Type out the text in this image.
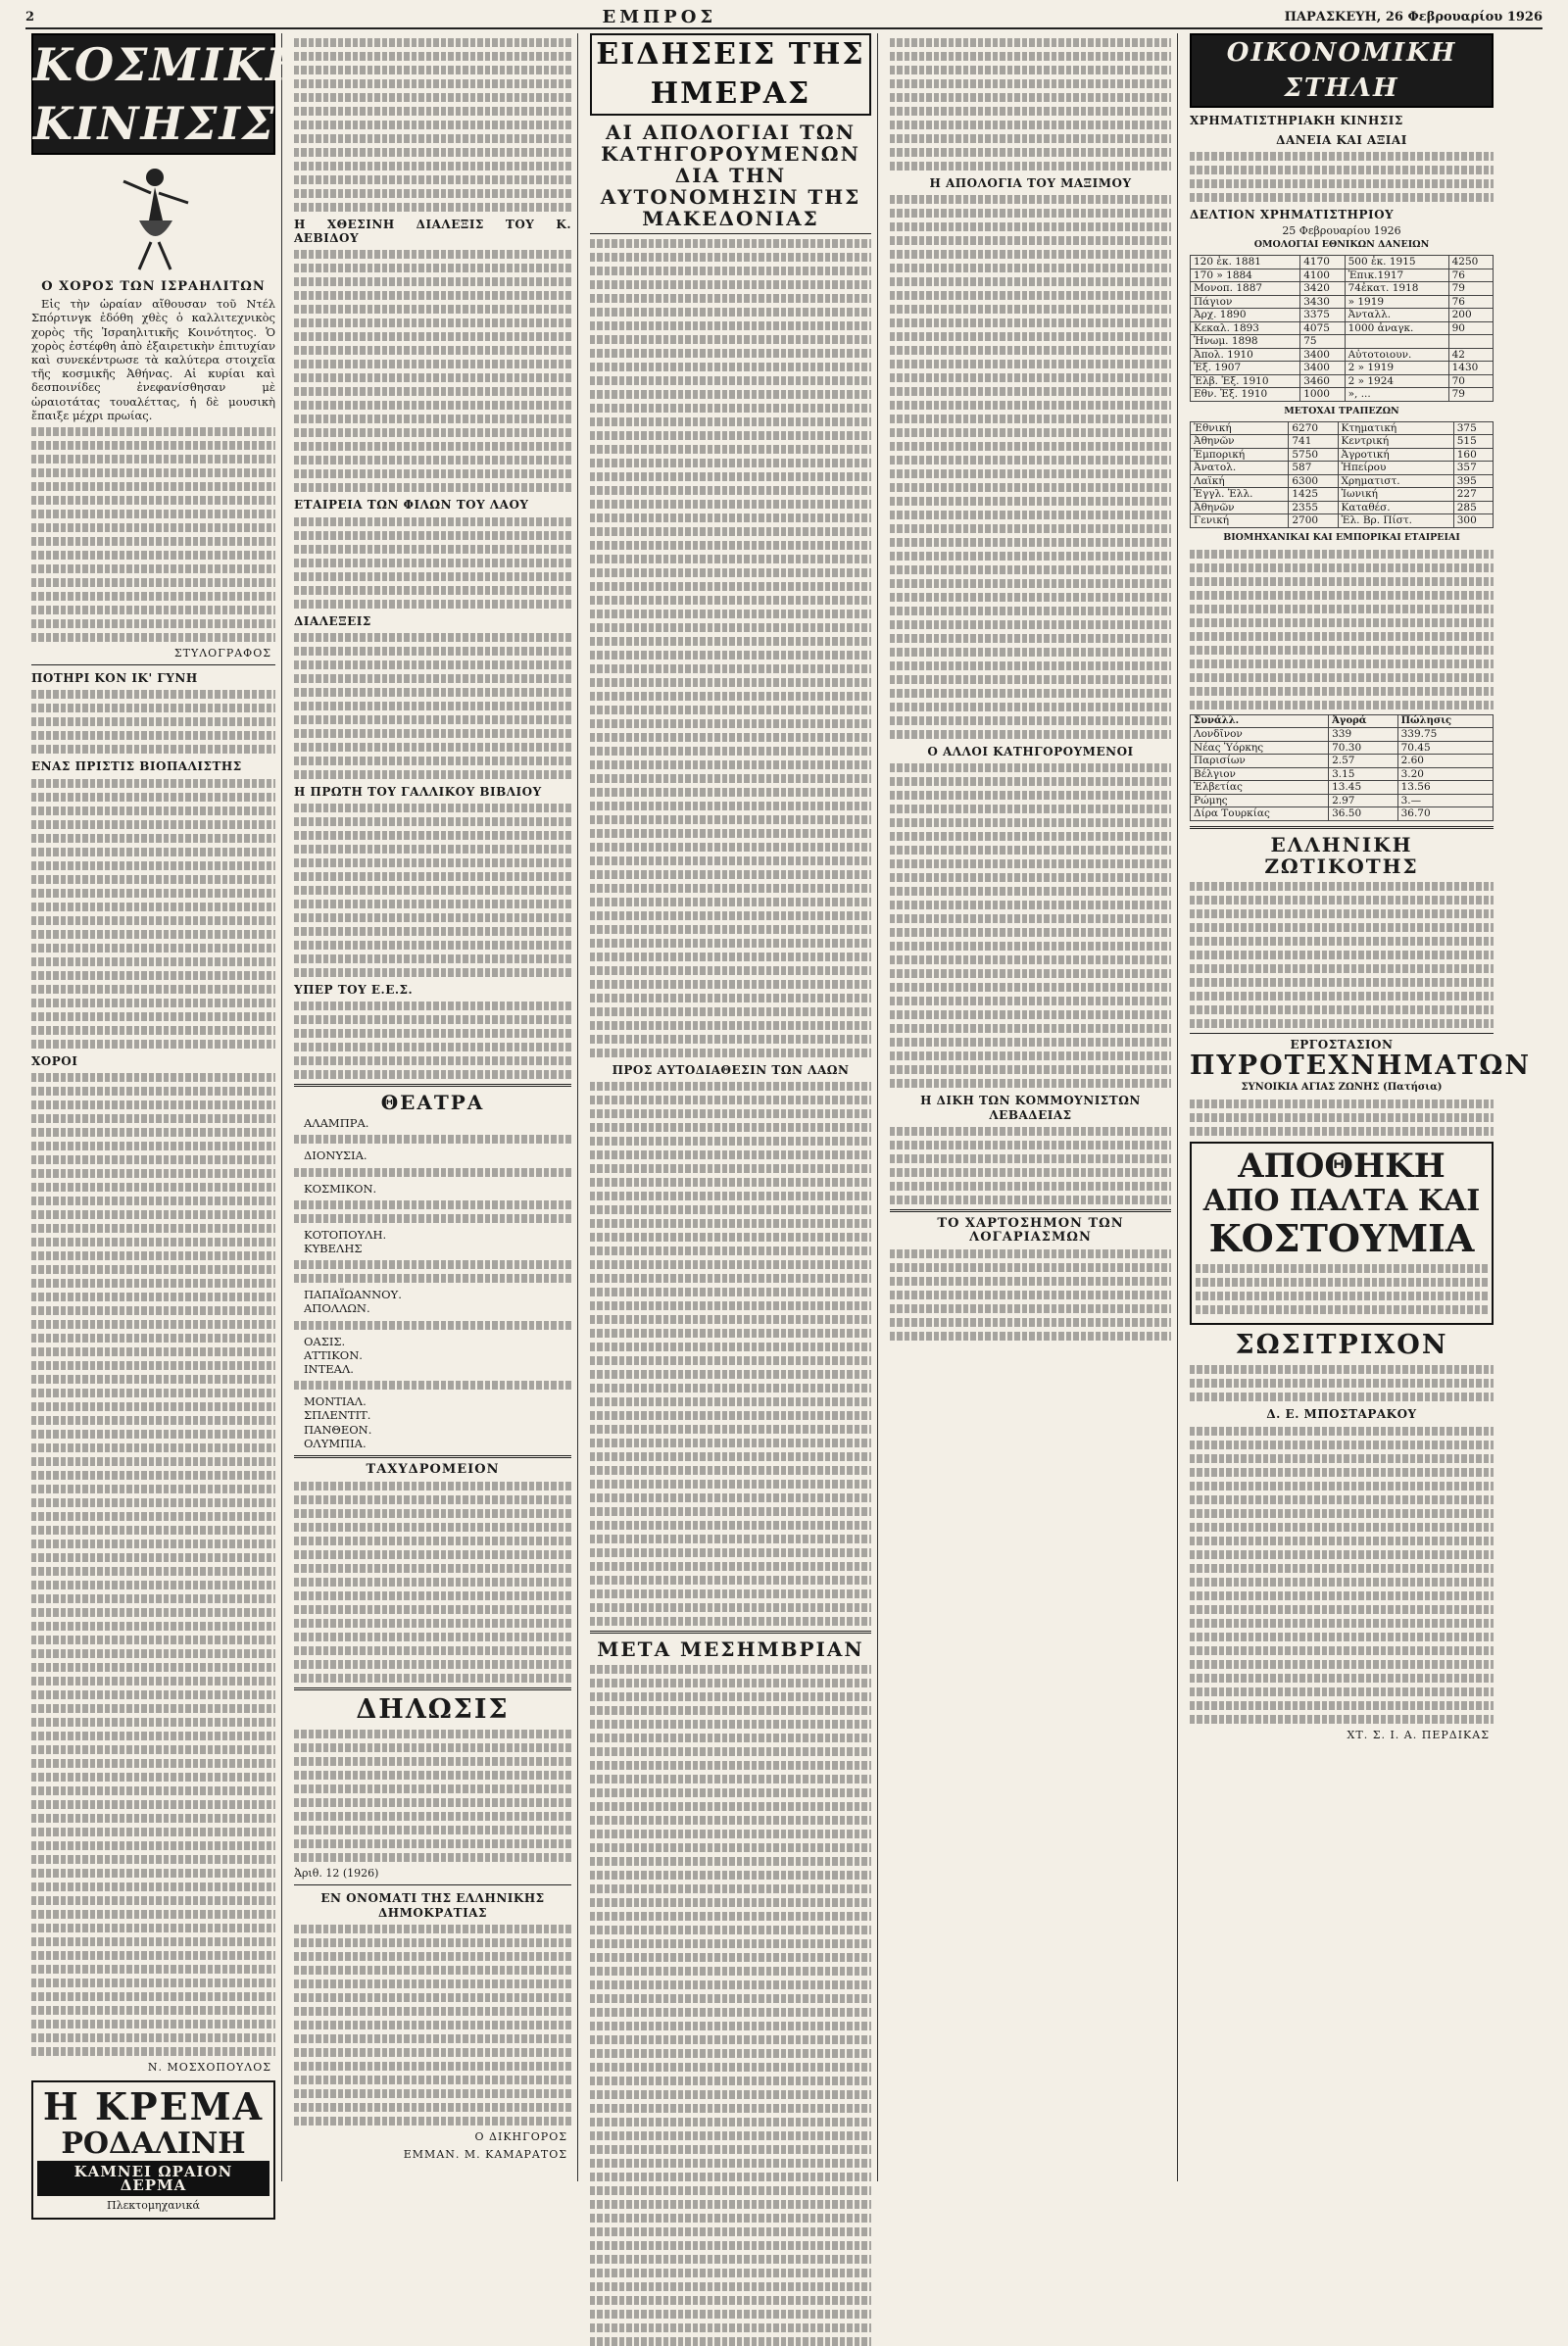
2	ΕΜΠΡΟΣ	ΠΑΡΑΣΚΕΥΗ, 26 Φεβρουαρίου 1926
ΚΟΣΜΙΚΗ ΚΙΝΗΣΙΣ
Ο ΧΟΡΟΣ ΤΩΝ ΙΣΡΑΗΛΙΤΩΝ

Εἰς τὴν ὡραίαν αἴθουσαν τοῦ Ντέλ Σπόρτινγκ ἐδόθη χθὲς ὁ καλλιτεχνικὸς χορὸς τῆς Ἰσραηλιτικῆς Κοινότητος. Ὁ χορὸς ἐστέφθη ἀπὸ ἐξαιρετικὴν ἐπιτυχίαν καὶ συνεκέντρωσε τὰ καλύτερα στοιχεῖα τῆς κοσμικῆς Ἀθήνας. Αἱ κυρίαι καὶ δεσποινίδες ἐνεφανίσθησαν μὲ ὡραιοτάτας τουαλέττας, ἡ δὲ μουσικὴ ἔπαιξε μέχρι πρωίας.

ΣΤΥΛΟΓΡΑΦΟΣ
ΠΟΤΗΡΙ ΚΟΝ ΙΚ' ΓΥΝΗ
ΕΝΑΣ ΠΡΙΣΤΙΣ ΒΙΟΠΑΛΙΣΤΗΣ
ΧΟΡΟΙ
Ν. ΜΟΣΧΟΠΟΥΛΟΣ
Η ΚΡΕΜΑ
ΡΟΔΑΛΙΝΗ
ΚΑΜΝΕΙ ΩΡΑΙΟΝ ΔΕΡΜΑ
Πλεκτομηχανικά
Η ΧΘΕΣΙΝΗ ΔΙΑΛΕΞΙΣ ΤΟΥ Κ. ΑΕΒΙΔΟΥ
ΕΤΑΙΡΕΙΑ ΤΩΝ ΦΙΛΩΝ ΤΟΥ ΛΑΟΥ
ΔΙΑΛΕΞΕΙΣ
Η ΠΡΩΤΗ ΤΟΥ ΓΑΛΛΙΚΟΥ ΒΙΒΛΙΟΥ
ΥΠΕΡ ΤΟΥ Ε.Ε.Σ.
ΘΕΑΤΡΑ

ΑΛΑΜΠΡΑ.

ΔΙΟΝΥΣΙΑ.

ΚΟΣΜΙΚΟΝ.

ΚΟΤΟΠΟΥΛΗ.

ΚΥΒΕΛΗΣ

ΠΑΠΑΪΩΑΝΝΟΥ.

ΑΠΟΛΛΩΝ.

ΟΑΣΙΣ.

ΑΤΤΙΚΟΝ.

ΙΝΤΕΑΛ.

ΜΟΝΤΙΑΛ.

ΣΠΛΕΝΤΙΤ.

ΠΑΝΘΕΟΝ.

ΟΛΥΜΠΙΑ.

ΤΑΧΥΔΡΟΜΕΙΟΝ
ΔΗΛΩΣΙΣ
Ἀριθ. 12 (1926)
ΕΝ ΟΝΟΜΑΤΙ ΤΗΣ ΕΛΛΗΝΙΚΗΣ ΔΗΜΟΚΡΑΤΙΑΣ
Ο ΔΙΚΗΓΟΡΟΣ
ΕΜΜΑΝ. Μ. ΚΑΜΑΡΑΤΟΣ
ΕΙΔΗΣΕΙΣ ΤΗΣ ΗΜΕΡΑΣ
ΑΙ ΑΠΟΛΟΓΙΑΙ ΤΩΝ ΚΑΤΗΓΟΡΟΥΜΕΝΩΝ ΔΙΑ ΤΗΝ ΑΥΤΟΝΟΜΗΣΙΝ ΤΗΣ ΜΑΚΕΔΟΝΙΑΣ
ΠΡΟΣ ΑΥΤΟΔΙΑΘΕΣΙΝ ΤΩΝ ΛΑΩΝ
ΜΕΤΑ ΜΕΣΗΜΒΡΙΑΝ
Η ΑΠΟΛΟΓΙΑ ΤΟΥ ΜΑΞΙΜΟΥ
Ο ΑΛΛΟΙ ΚΑΤΗΓΟΡΟΥΜΕΝΟΙ
Η ΔΙΚΗ ΤΩΝ ΚΟΜΜΟΥΝΙΣΤΩΝ ΛΕΒΑΔΕΙΑΣ
ΤΟ ΧΑΡΤΟΣΗΜΟΝ ΤΩΝ ΛΟΓΑΡΙΑΣΜΩΝ
ΟΙΚΟΝΟΜΙΚΗ ΣΤΗΛΗ
ΧΡΗΜΑΤΙΣΤΗΡΙΑΚΗ ΚΙΝΗΣΙΣ
ΔΑΝΕΙΑ ΚΑΙ ΑΞΙΑΙ
ΔΕΛΤΙΟΝ ΧΡΗΜΑΤΙΣΤΗΡΙΟΥ
25 Φεβρουαρίου 1926
ΟΜΟΛΟΓΙΑΙ ΕΘΝΙΚΩΝ ΔΑΝΕΙΩΝ
120 ἐκ. 1881	4170	500 ἐκ. 1915	4250
170 » 1884	4100	Ἐπικ.1917	76
Μονοπ. 1887	3420	74ἐκατ. 1918	79
Πάγιον	3430	» 1919	76
Ἀρχ. 1890	3375	Ἀνταλλ.	200
Κεκαλ. 1893	4075	1000 ἀναγκ.	90
Ἡνωμ. 1898	75		
Ἀπολ. 1910	3400	Αὐτοτοιουν.	42
Ἐξ. 1907	3400	2 » 1919	1430
Ἐλβ. Ἐξ. 1910	3460	2 » 1924	70
Εθν. Ἐξ. 1910	1000	», ...	79
ΜΕΤΟΧΑΙ ΤΡΑΠΕΖΩΝ
Ἐθνική	6270	Κτηματική	375
Ἀθηνῶν	741	Κεντρική	515
Ἐμπορική	5750	Ἀγροτική	160
Ἀνατολ.	587	Ἠπείρου	357
Λαϊκή	6300	Χρηματιστ.	395
Ἐγγλ. Ἐλλ.	1425	Ἰωνική	227
Ἀθηνῶν	2355	Καταθέσ.	285
Γενική	2700	Ἐλ. Βρ. Πίστ.	300
ΒΙΟΜΗΧΑΝΙΚΑΙ ΚΑΙ ΕΜΠΟΡΙΚΑΙ ΕΤΑΙΡΕΙΑΙ
Συνάλλ.	Ἀγορά	Πώλησις
Λονδῖνον	339	339.75
Νέας Ὑόρκης	70.30	70.45
Παρισίων	2.57	2.60
Βέλγιον	3.15	3.20
Ἑλβετίας	13.45	13.56
Ρώμης	2.97	3.—
Δίρα Τουρκίας	36.50	36.70
ΕΛΛΗΝΙΚΗ ΖΩΤΙΚΟΤΗΣ
ΕΡΓΟΣΤΑΣΙΟΝ
ΠΥΡΟΤΕΧΝΗΜΑΤΩΝ
ΣΥΝΟΙΚΙΑ ΑΓΙΑΣ ΖΩΝΗΣ (Πατήσια)
ΑΠΟΘΗΚΗ
ΑΠΟ ΠΑΛΤΑ ΚΑΙ
ΚΟΣΤΟΥΜΙΑ
ΣΩΣΙΤΡΙΧΟΝ
Δ. Ε. ΜΠΟΣΤΑΡΑΚΟΥ
ΧΤ. Σ. Ι. Α. ΠΕΡΔΙΚΑΣ
